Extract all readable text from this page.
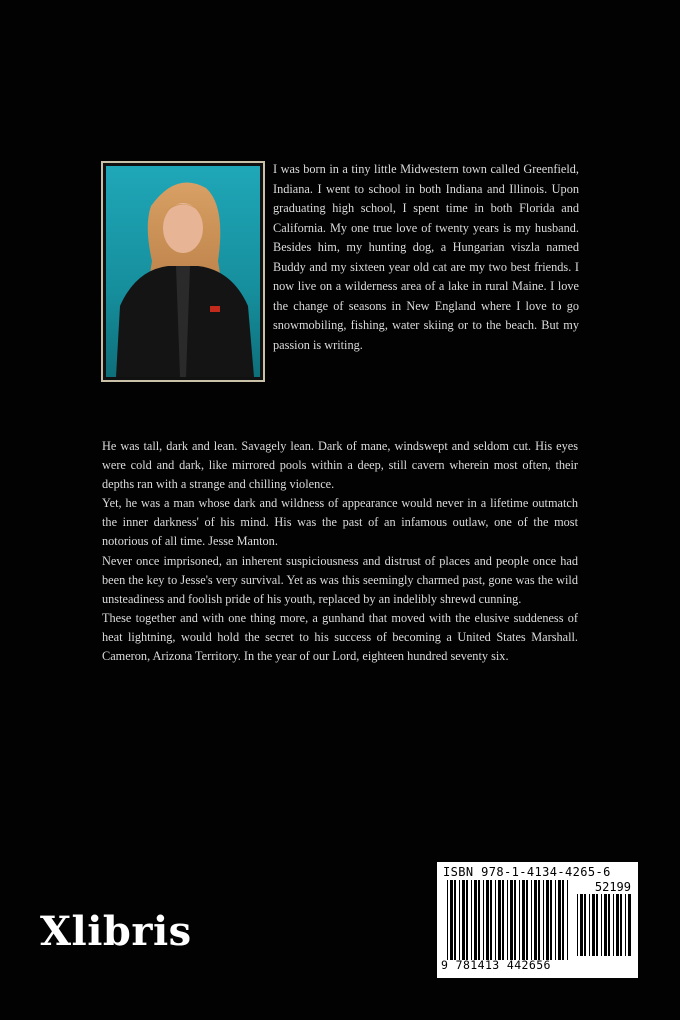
I was born in a tiny little Midwestern town called Greenfield, Indiana. I went to school in both Indiana and Illinois. Upon graduating high school, I spent time in both Florida and California. My one true love of twenty years is my husband. Besides him, my hunting dog, a Hungarian viszla named Buddy and my sixteen year old cat are my two best friends. I now live on a wilderness area of a lake in rural Maine. I love the change of seasons in New England where I love to go snowmobiling, fishing, water skiing or to the beach. But my passion is writing.

He was tall, dark and lean. Savagely lean. Dark of mane, windswept and seldom cut. His eyes were cold and dark, like mirrored pools within a deep, still cavern wherein most often, their depths ran with a strange and chilling violence.

Yet, he was a man whose dark and wildness of appearance would never in a lifetime outmatch the inner darkness' of his mind. His was the past of an infamous outlaw, one of the most notorious of all time. Jesse Manton.

Never once imprisoned, an inherent suspiciousness and distrust of places and people once had been the key to Jesse's very survival. Yet as was this seemingly charmed past, gone was the wild unsteadiness and foolish pride of his youth, replaced by an indelibly shrewd cunning.

These together and with one thing more, a gunhand that moved with the elusive suddeness of heat lightning, would hold the secret to his success of becoming a United States Marshall. Cameron, Arizona Territory. In the year of our Lord, eighteen hundred seventy six.

Xlibris
ISBN 978-1-4134-4265-6
52199
9 781413 442656
